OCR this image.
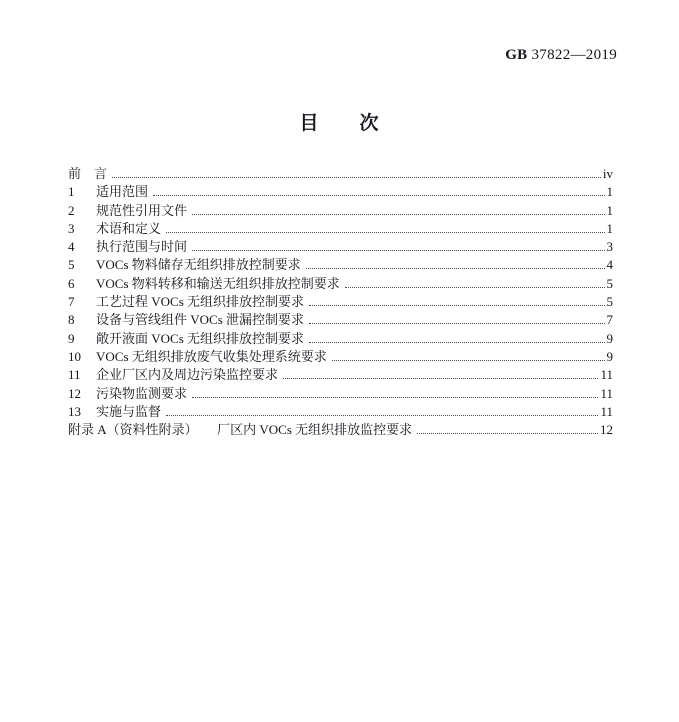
GB 37822—2019
目　　次
前　言	iv
1	适用范围	1
2	规范性引用文件	1
3	术语和定义	1
4	执行范围与时间	3
5	VOCs 物料储存无组织排放控制要求	4
6	VOCs 物料转移和输送无组织排放控制要求	5
7	工艺过程 VOCs 无组织排放控制要求	5
8	设备与管线组件 VOCs 泄漏控制要求	7
9	敞开液面 VOCs 无组织排放控制要求	9
10 VOCs 无组织排放废气收集处理系统要求	9
11 企业厂区内及周边污染监控要求	11
12 污染物监测要求	11
13 实施与监督	11
附录 A（资料性附录）　　厂区内 VOCs 无组织排放监控要求	12
